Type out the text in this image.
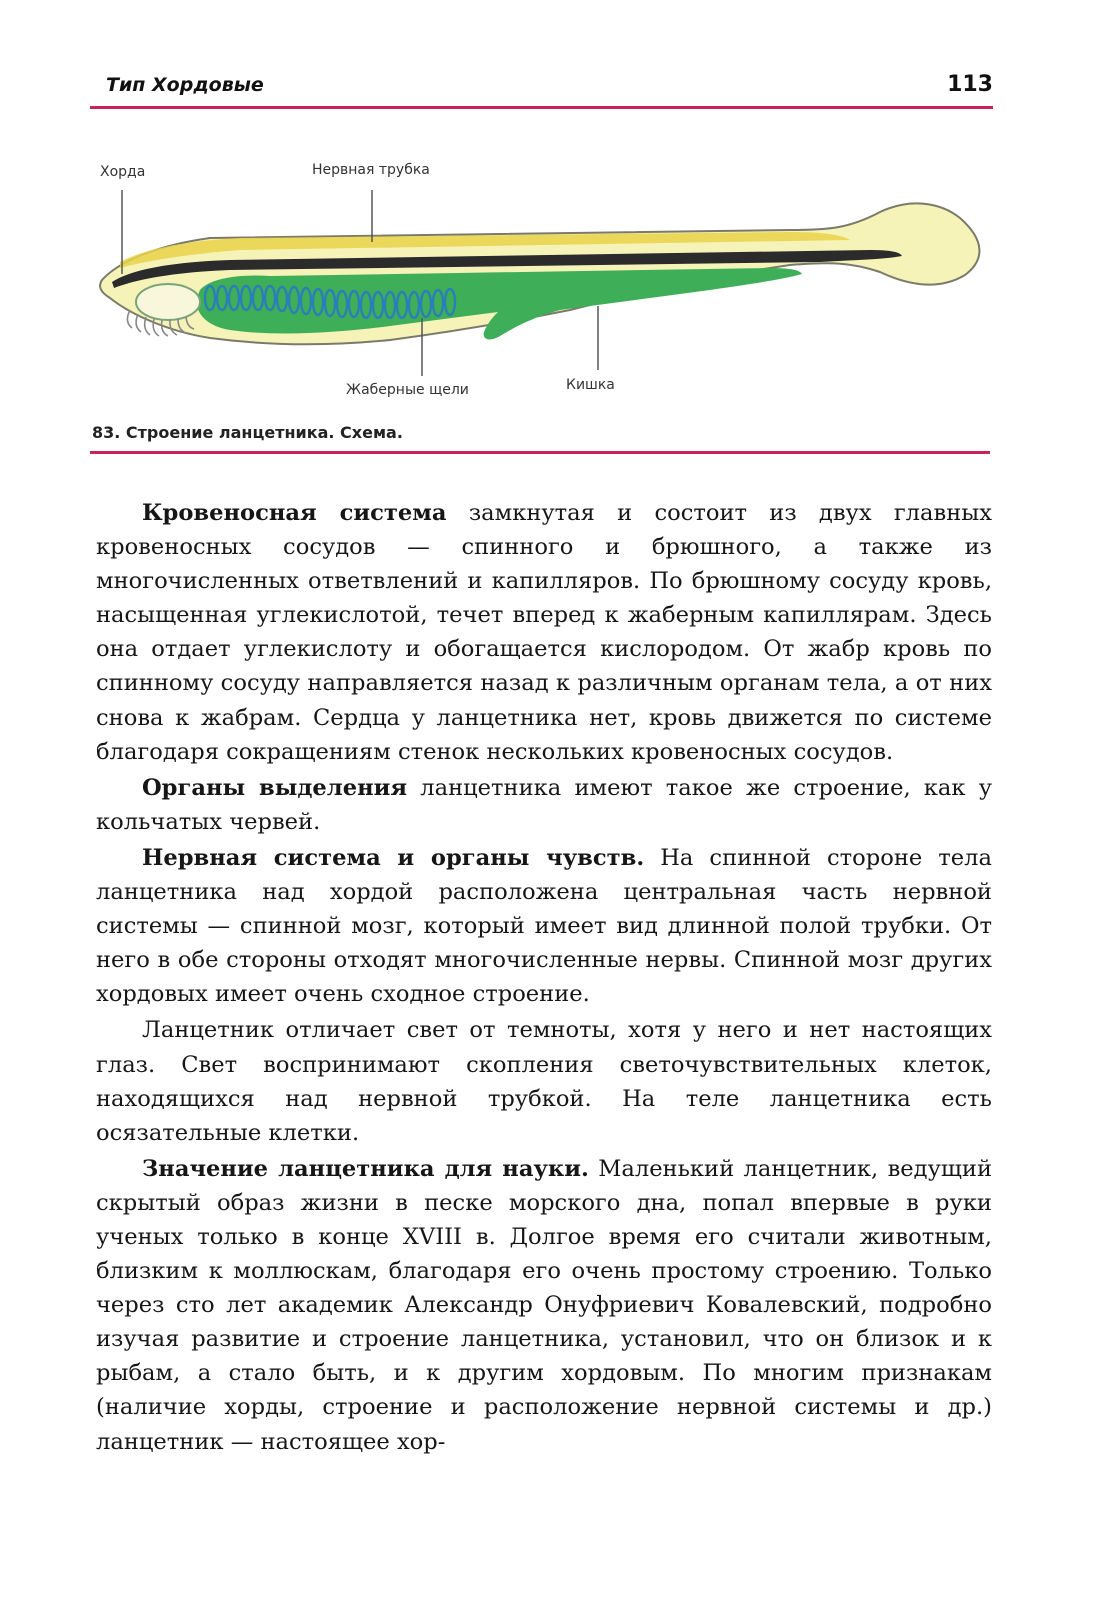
Тип Хордовые	113
Хорда	Нервная трубка
Жаберные щели	Кишка
83. Строение ланцетника. Схема.

Кровеносная система замкнутая и состоит из двух главных кровеносных сосудов — спинного и брюшного, а также из многочисленных ответвлений и капилляров. По брюшному сосуду кровь, насыщенная углекислотой, течет вперед к жаберным капиллярам. Здесь она отдает углекислоту и обогащается кислородом. От жабр кровь по спинному сосуду направляется назад к различным органам тела, а от них снова к жабрам. Сердца у ланцетника нет, кровь движется по системе благодаря сокращениям стенок нескольких кровеносных сосудов.

Органы выделения ланцетника имеют такое же строение, как у кольчатых червей.

Нервная система и органы чувств. На спинной стороне тела ланцетника над хордой расположена центральная часть нервной системы — спинной мозг, который имеет вид длинной полой трубки. От него в обе стороны отходят многочисленные нервы. Спинной мозг других хордовых имеет очень сходное строение.

Ланцетник отличает свет от темноты, хотя у него и нет настоящих глаз. Свет воспринимают скопления светочувствительных клеток, находящихся над нервной трубкой. На теле ланцетника есть осязательные клетки.

Значение ланцетника для науки. Маленький ланцетник, ведущий скрытый образ жизни в песке морского дна, попал впервые в руки ученых только в конце XVIII в. Долгое время его считали животным, близким к моллюскам, благодаря его очень простому строению. Только через сто лет академик Александр Онуфриевич Ковалевский, подробно изучая развитие и строение ланцетника, установил, что он близок и к рыбам, а стало быть, и к другим хордовым. По многим признакам (наличие хорды, строение и расположение нервной системы и др.) ланцетник — настоящее хор-
